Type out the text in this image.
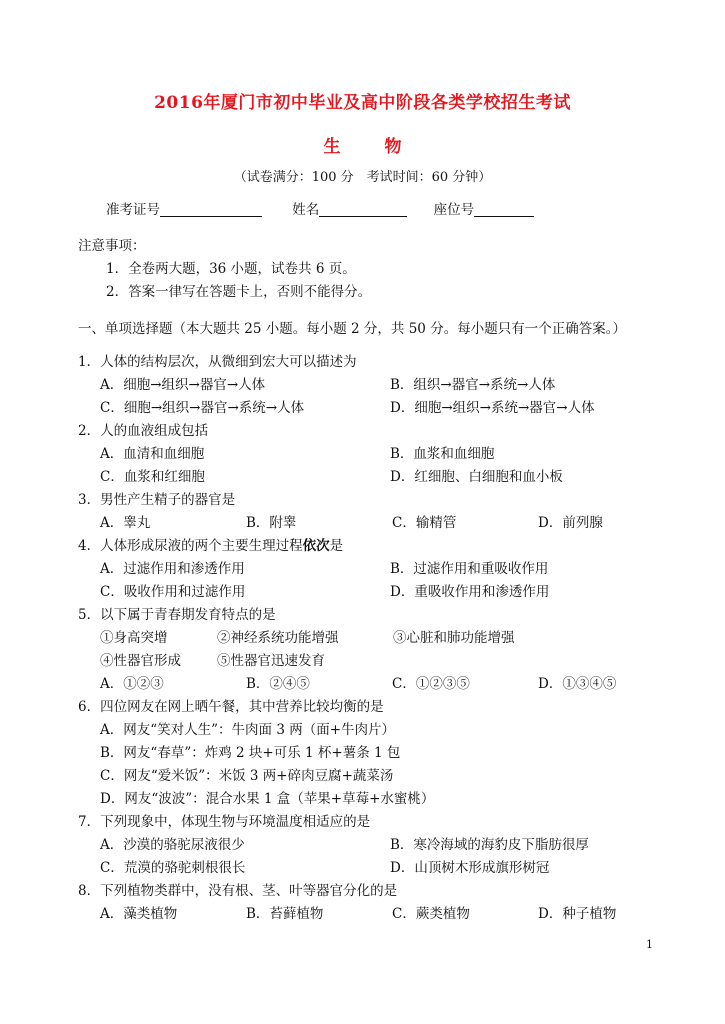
2016年厦门市初中毕业及高中阶段各类学校招生考试
生	物
（试卷满分：100 分　考试时间：60 分钟）
准考证号	姓名	座位号
注意事项：
1．全卷两大题，36 小题，试卷共 6 页。
2．答案一律写在答题卡上，否则不能得分。
一、单项选择题（本大题共 25 小题。每小题 2 分，共 50 分。每小题只有一个正确答案。）
1．人体的结构层次，从微细到宏大可以描述为
A．细胞→组织→器官→人体	B．组织→器官→系统→人体
C．细胞→组织→器官→系统→人体	D．细胞→组织→系统→器官→人体
2．人的血液组成包括
A．血清和血细胞	B．血浆和血细胞
C．血浆和红细胞	D．红细胞、白细胞和血小板
3．男性产生精子的器官是
A．睾丸	B．附睾	C．输精管	D．前列腺
4．人体形成尿液的两个主要生理过程依次是
A．过滤作用和渗透作用	B．过滤作用和重吸收作用
C．吸收作用和过滤作用	D．重吸收作用和渗透作用
5．以下属于青春期发育特点的是
①身高突增	②神经系统功能增强	③心脏和肺功能增强
④性器官形成	⑤性器官迅速发育
A．①②③	B．②④⑤	C．①②③⑤	D．①③④⑤
6．四位网友在网上晒午餐，其中营养比较均衡的是
A．网友“笑对人生”：牛肉面 3 两（面+牛肉片）
B．网友“春草”：炸鸡 2 块+可乐 1 杯+薯条 1 包
C．网友“爱米饭”：米饭 3 两+碎肉豆腐+蔬菜汤
D．网友“波波”：混合水果 1 盒（苹果+草莓+水蜜桃）
7．下列现象中，体现生物与环境温度相适应的是
A．沙漠的骆驼尿液很少	B．寒冷海域的海豹皮下脂肪很厚
C．荒漠的骆驼刺根很长	D．山顶树木形成旗形树冠
8．下列植物类群中，没有根、茎、叶等器官分化的是
A．藻类植物	B．苔藓植物	C．蕨类植物	D．种子植物
1
